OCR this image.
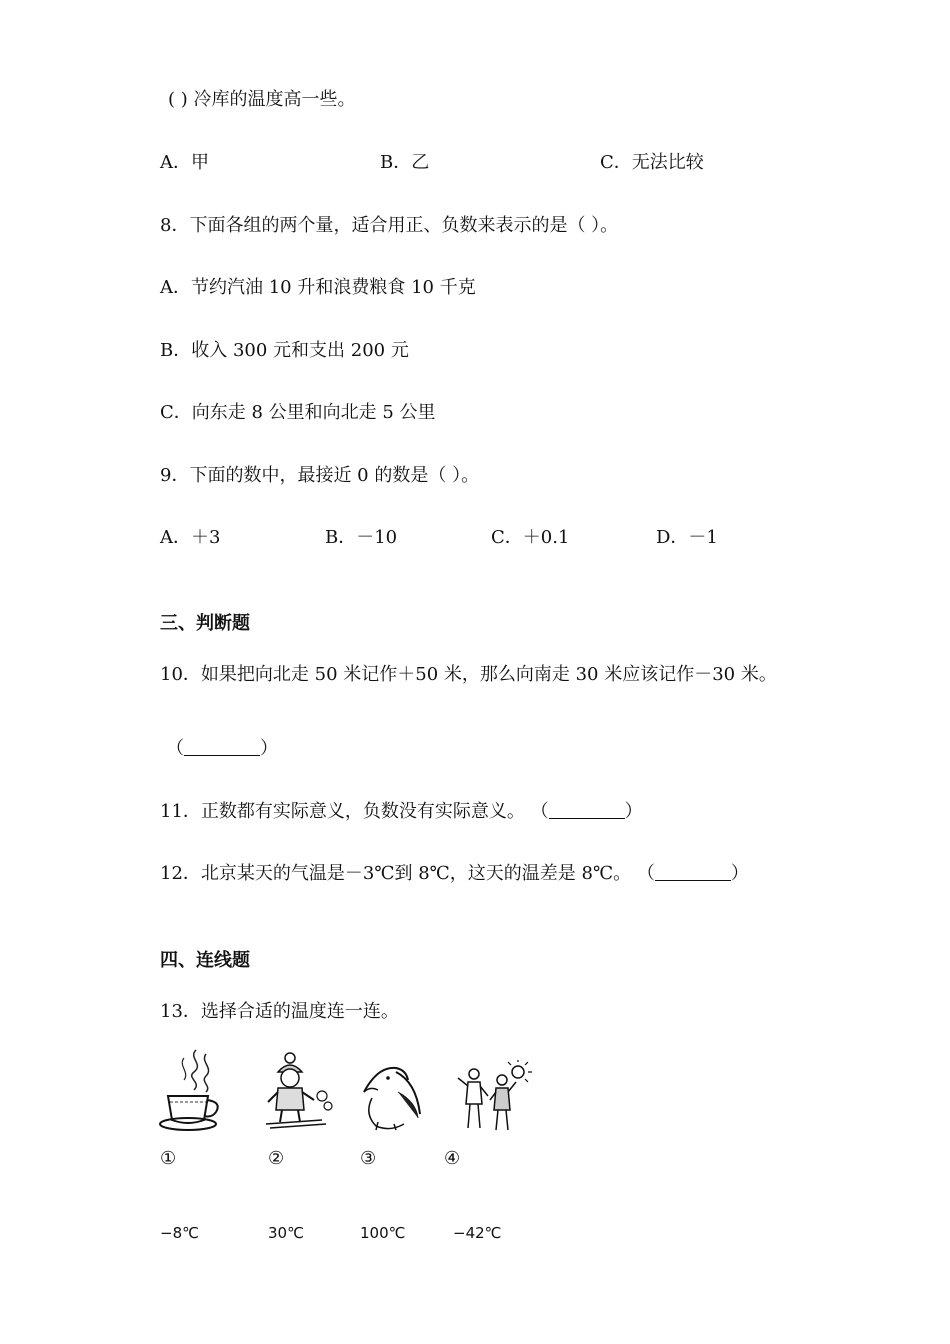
( ) 冷库的温度高一些。
A．甲	B．乙	C．无法比较
8．下面各组的两个量，适合用正、负数来表示的是（ ）。
A．节约汽油 10 升和浪费粮食 10 千克
B．收入 300 元和支出 200 元
C．向东走 8 公里和向北走 5 公里
9．下面的数中，最接近 0 的数是（ ）。
A．＋3	B．－10	C．＋0.1	D．－1
三、判断题
10．如果把向北走 50 米记作＋50 米，那么向南走 30 米应该记作－30 米。
（	）
11．正数都有实际意义，负数没有实际意义。 （	）
12．北京某天的气温是－3℃到 8℃，这天的温差是 8℃。 （	）
四、连线题
13．选择合适的温度连一连。
①	②	③	④
−8℃	30℃	100℃	−42℃
